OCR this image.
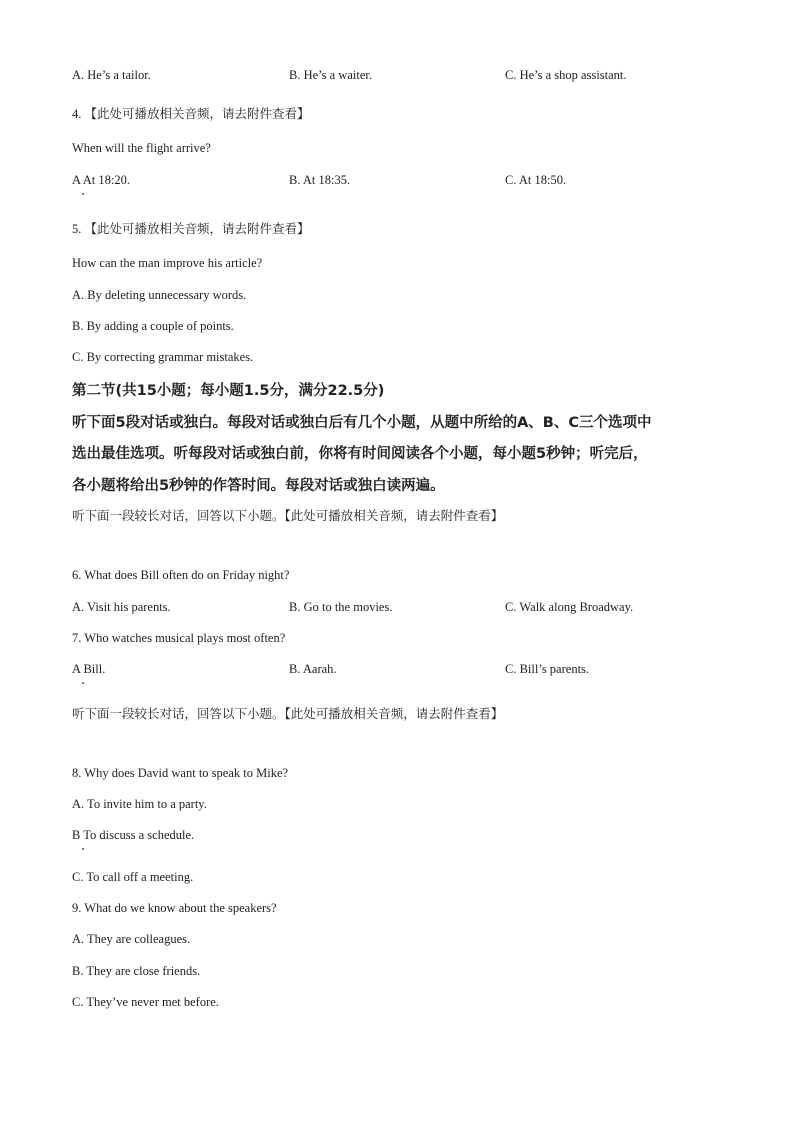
A. He’s a tailor.	B. He’s a waiter.	C. He’s a shop assistant.
4. 【此处可播放相关音频，请去附件查看】
When will the flight arrive?
A At 18:20.	B. At 18:35.	C. At 18:50.
5. 【此处可播放相关音频，请去附件查看】
How can the man improve his article?
A. By deleting unnecessary words.
B. By adding a couple of points.
C. By correcting grammar mistakes.
第二节(共15小题；每小题1.5分，满分22.5分)
听下面5段对话或独白。每段对话或独白后有几个小题，从题中所给的A、B、C三个选项中
选出最佳选项。听每段对话或独白前，你将有时间阅读各个小题，每小题5秒钟；听完后，
各小题将给出5秒钟的作答时间。每段对话或独白读两遍。
听下面一段较长对话，回答以下小题。【此处可播放相关音频，请去附件查看】
6. What does Bill often do on Friday night?
A. Visit his parents.	B. Go to the movies.	C. Walk along Broadway.
7. Who watches musical plays most often?
A Bill.	B. Aarah.	C. Bill’s parents.
听下面一段较长对话，回答以下小题。【此处可播放相关音频，请去附件查看】
8. Why does David want to speak to Mike?
A. To invite him to a party.
B To discuss a schedule.
C. To call off a meeting.
9. What do we know about the speakers?
A. They are colleagues.
B. They are close friends.
C. They’ve never met before.
